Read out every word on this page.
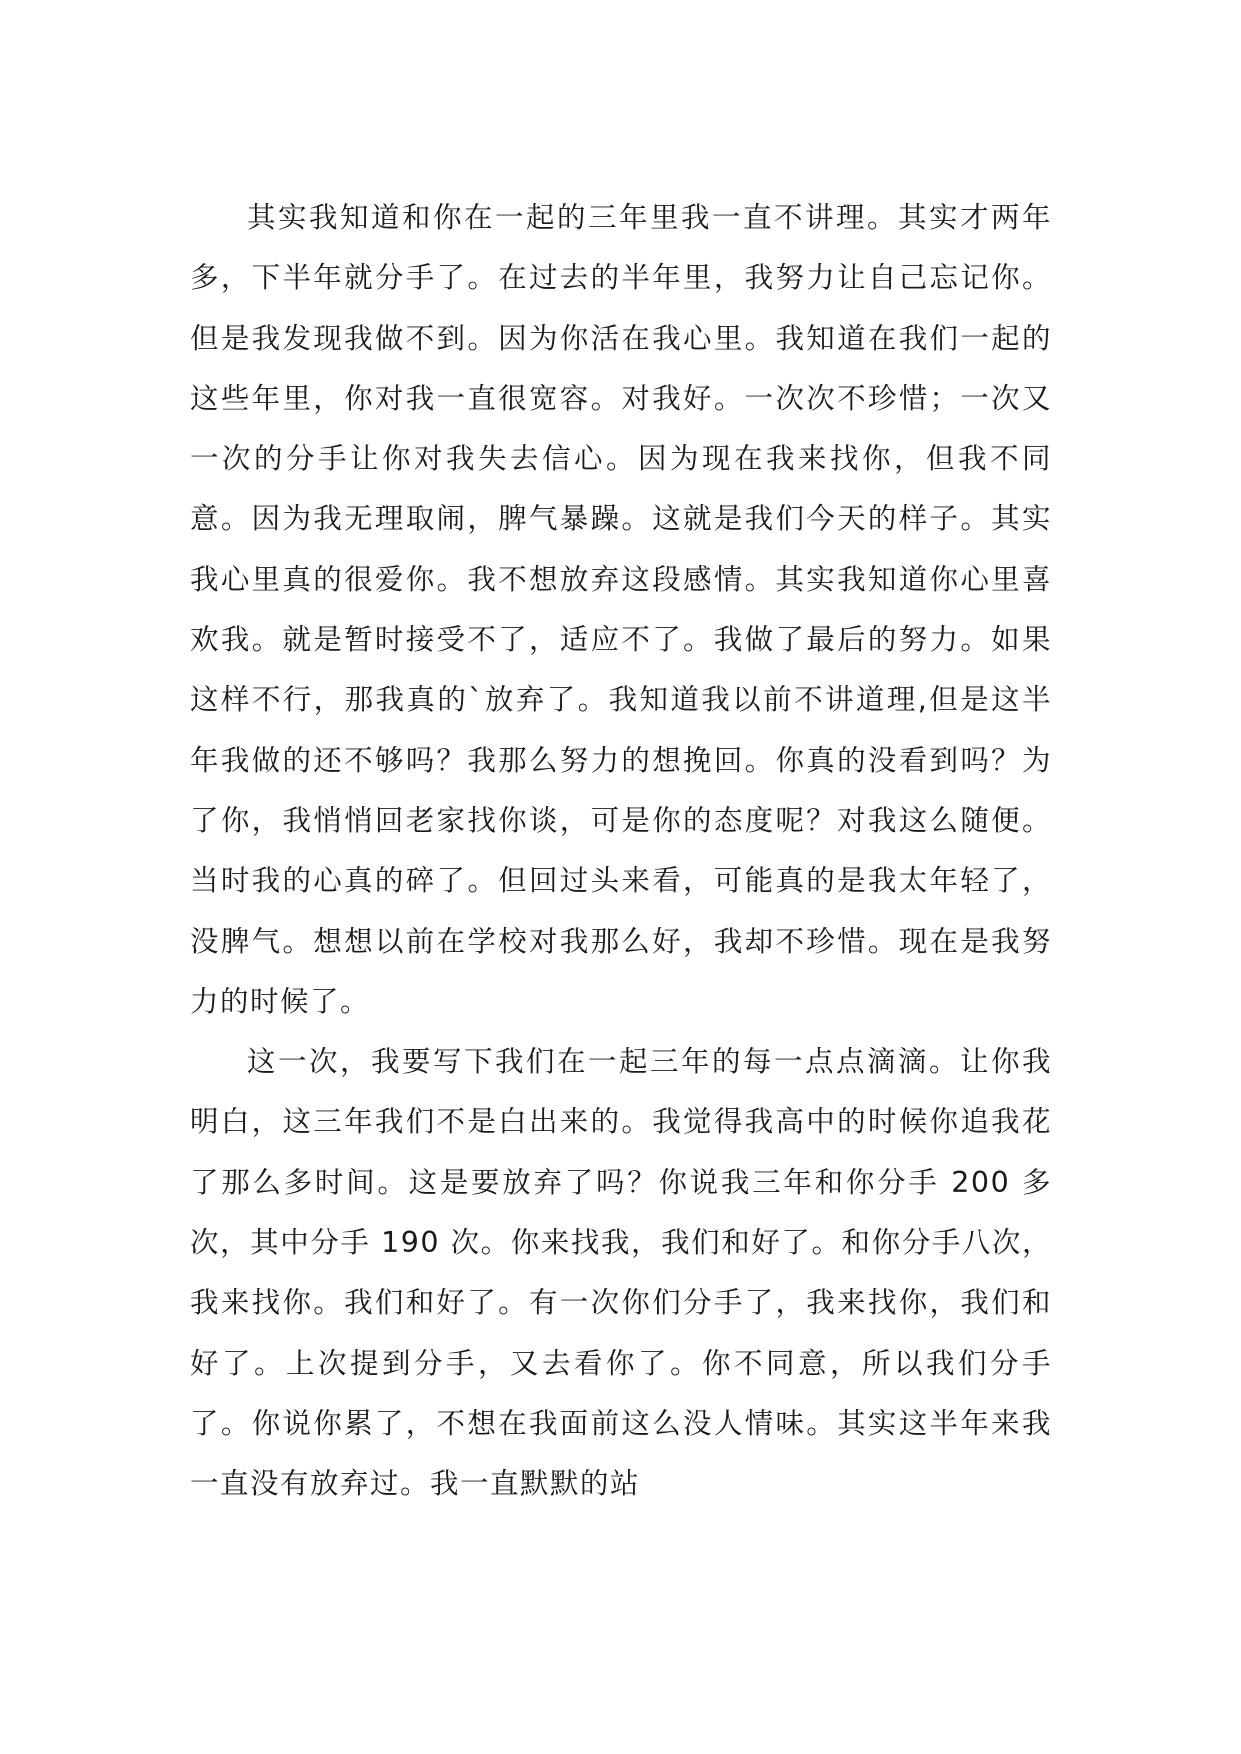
其实我知道和你在一起的三年里我一直不讲理。其实才两年多，下半年就分手了。在过去的半年里，我努力让自己忘记你。但是我发现我做不到。因为你活在我心里。我知道在我们一起的这些年里，你对我一直很宽容。对我好。一次次不珍惜；一次又一次的分手让你对我失去信心。因为现在我来找你，但我不同意。因为我无理取闹，脾气暴躁。这就是我们今天的样子。其实我心里真的很爱你。我不想放弃这段感情。其实我知道你心里喜欢我。就是暂时接受不了，适应不了。我做了最后的努力。如果这样不行，那我真的`放弃了。我知道我以前不讲道理,但是这半年我做的还不够吗？我那么努力的想挽回。你真的没看到吗？为了你，我悄悄回老家找你谈，可是你的态度呢？对我这么随便。当时我的心真的碎了。但回过头来看，可能真的是我太年轻了，没脾气。想想以前在学校对我那么好，我却不珍惜。现在是我努力的时候了。

这一次，我要写下我们在一起三年的每一点点滴滴。让你我明白，这三年我们不是白出来的。我觉得我高中的时候你追我花了那么多时间。这是要放弃了吗？你说我三年和你分手 200 多次，其中分手 190 次。你来找我，我们和好了。和你分手八次，我来找你。我们和好了。有一次你们分手了，我来找你，我们和好了。上次提到分手，又去看你了。你不同意，所以我们分手了。你说你累了，不想在我面前这么没人情味。其实这半年来我一直没有放弃过。我一直默默的站
